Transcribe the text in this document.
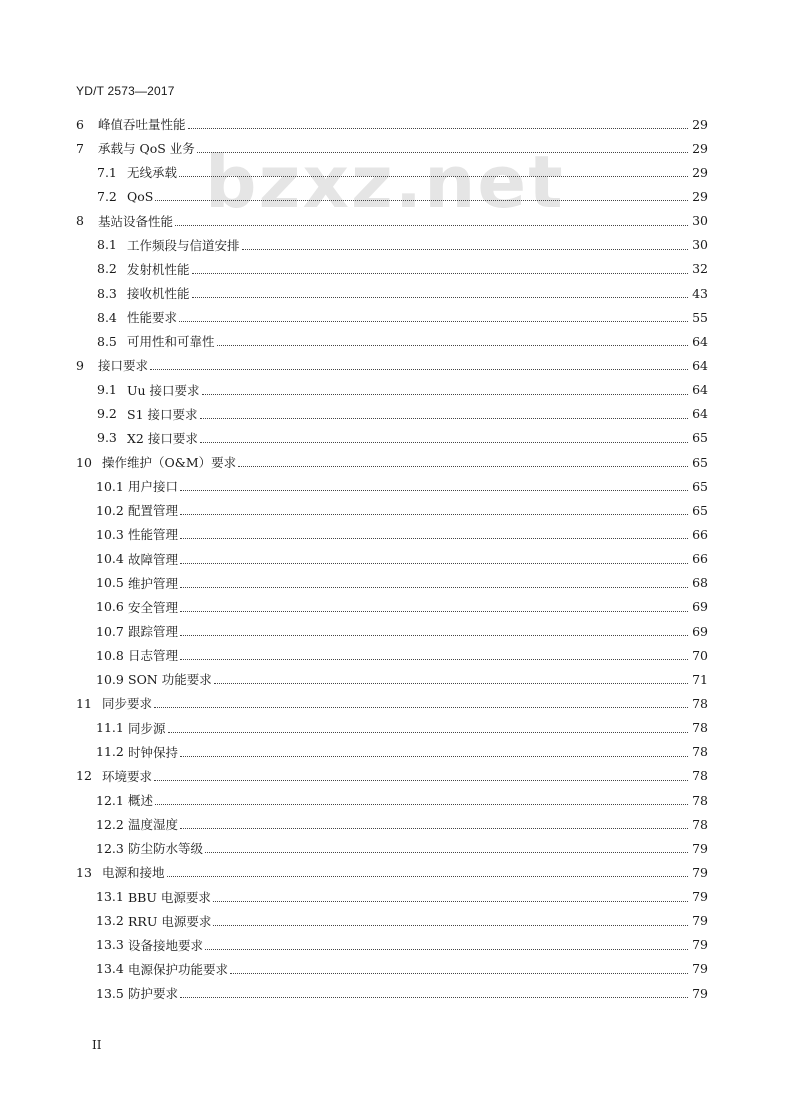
YD/T 2573—2017
bzxz.net
6	峰值吞吐量性能	29
7	承载与 QoS 业务	29
7.1 无线承载	29
7.2 QoS	29
8	基站设备性能	30
8.1 工作频段与信道安排	30
8.2 发射机性能	32
8.3 接收机性能	43
8.4 性能要求	55
8.5 可用性和可靠性	64
9	接口要求	64
9.1 Uu 接口要求	64
9.2 S1 接口要求	64
9.3 X2 接口要求	65
10 操作维护（O&M）要求	65
10.1 用户接口	65
10.2 配置管理	65
10.3 性能管理	66
10.4 故障管理	66
10.5 维护管理	68
10.6 安全管理	69
10.7 跟踪管理	69
10.8 日志管理	70
10.9 SON 功能要求	71
11 同步要求	78
11.1 同步源	78
11.2 时钟保持	78
12 环境要求	78
12.1 概述	78
12.2 温度湿度	78
12.3 防尘防水等级	79
13 电源和接地	79
13.1 BBU 电源要求	79
13.2 RRU 电源要求	79
13.3 设备接地要求	79
13.4 电源保护功能要求	79
13.5 防护要求	79
II
